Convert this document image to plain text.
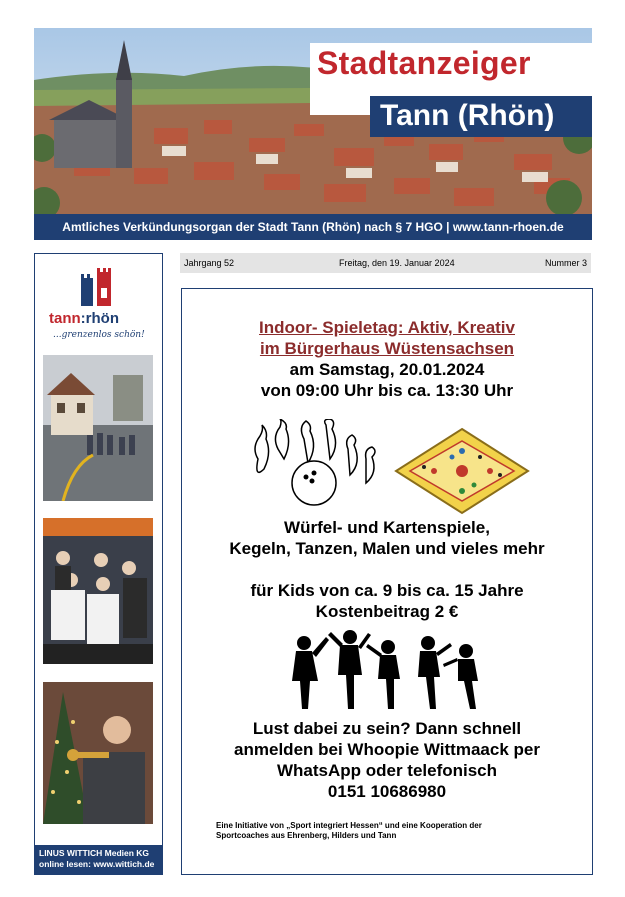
Stadtanzeiger
Tann (Rhön)
Amtliches Verkündungsorgan der Stadt Tann (Rhön) nach § 7 HGO | www.tann-rhoen.de
tann:rhön
...grenzenlos schön!
LINUS WITTICH Medien KG
online lesen: www.wittich.de
Jahrgang 52	Freitag, den 19. Januar 2024	Nummer 3
Indoor- Spieletag: Aktiv, Kreativ
im Bürgerhaus Wüstensachsen
am Samstag, 20.01.2024
von 09:00 Uhr bis ca. 13:30 Uhr
Würfel- und Kartenspiele,
Kegeln, Tanzen, Malen und vieles mehr
für Kids von ca. 9 bis ca. 15 Jahre
Kostenbeitrag 2 €
Lust dabei zu sein? Dann schnell
anmelden bei Whoopie Wittmaack per
WhatsApp oder telefonisch
0151 10686980
Eine Initiative von „Sport integriert Hessen“ und eine Kooperation der
Sportcoaches aus Ehrenberg, Hilders und Tann
